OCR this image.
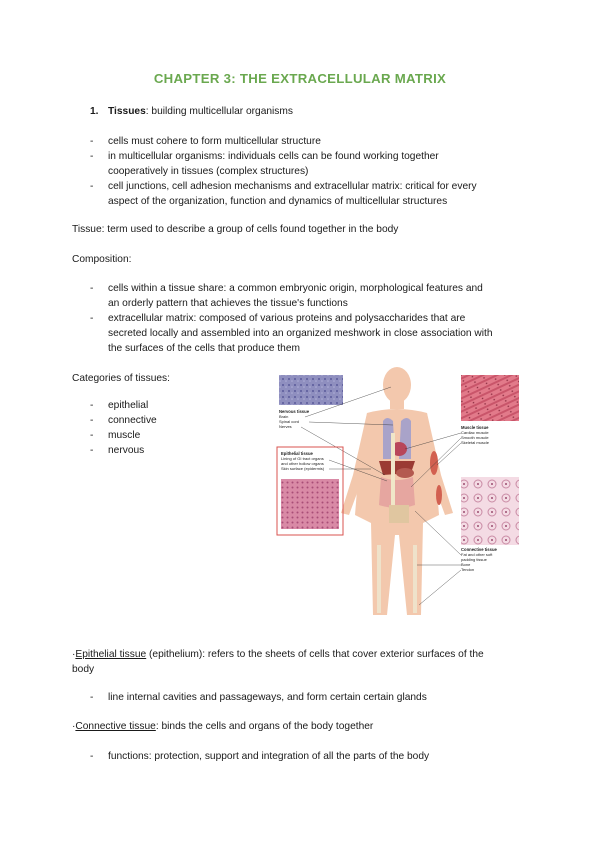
CHAPTER 3: THE EXTRACELLULAR MATRIX
1. Tissues: building multicellular organisms
- cells must cohere to form multicellular structure
- in multicellular organisms: individuals cells can be found working together
cooperatively in tissues (complex structures)
- cell junctions, cell adhesion mechanisms and extracellular matrix: critical for every
aspect of the organization, function and dynamics of multicellular structures
Tissue: term used to describe a group of cells found together in the body
Composition:
- cells within a tissue share: a common embryonic origin, morphological features and
an orderly pattern that achieves the tissue's functions
- extracellular matrix: composed of various proteins and polysaccharides that are
secreted locally and assembled into an organized meshwork in close association with
the surfaces of the cells that produce them
Categories of tissues:
- epithelial
- connective
- muscle
- nervous
Nervous tissue
Brain
Spinal cord
Nerves	Muscle tissue
Cardiac muscle
Smooth muscle
Skeletal muscle
Epithelial tissue
Lining of GI tract organs
and other hollow organs
Skin surface (epidermis)
Connective tissue
Fat and other soft
padding tissue
Bone
Tendon
·Epithelial tissue (epithelium): refers to the sheets of cells that cover exterior surfaces of the
body
- line internal cavities and passageways, and form certain certain glands
·Connective tissue: binds the cells and organs of the body together
- functions: protection, support and integration of all the parts of the body
